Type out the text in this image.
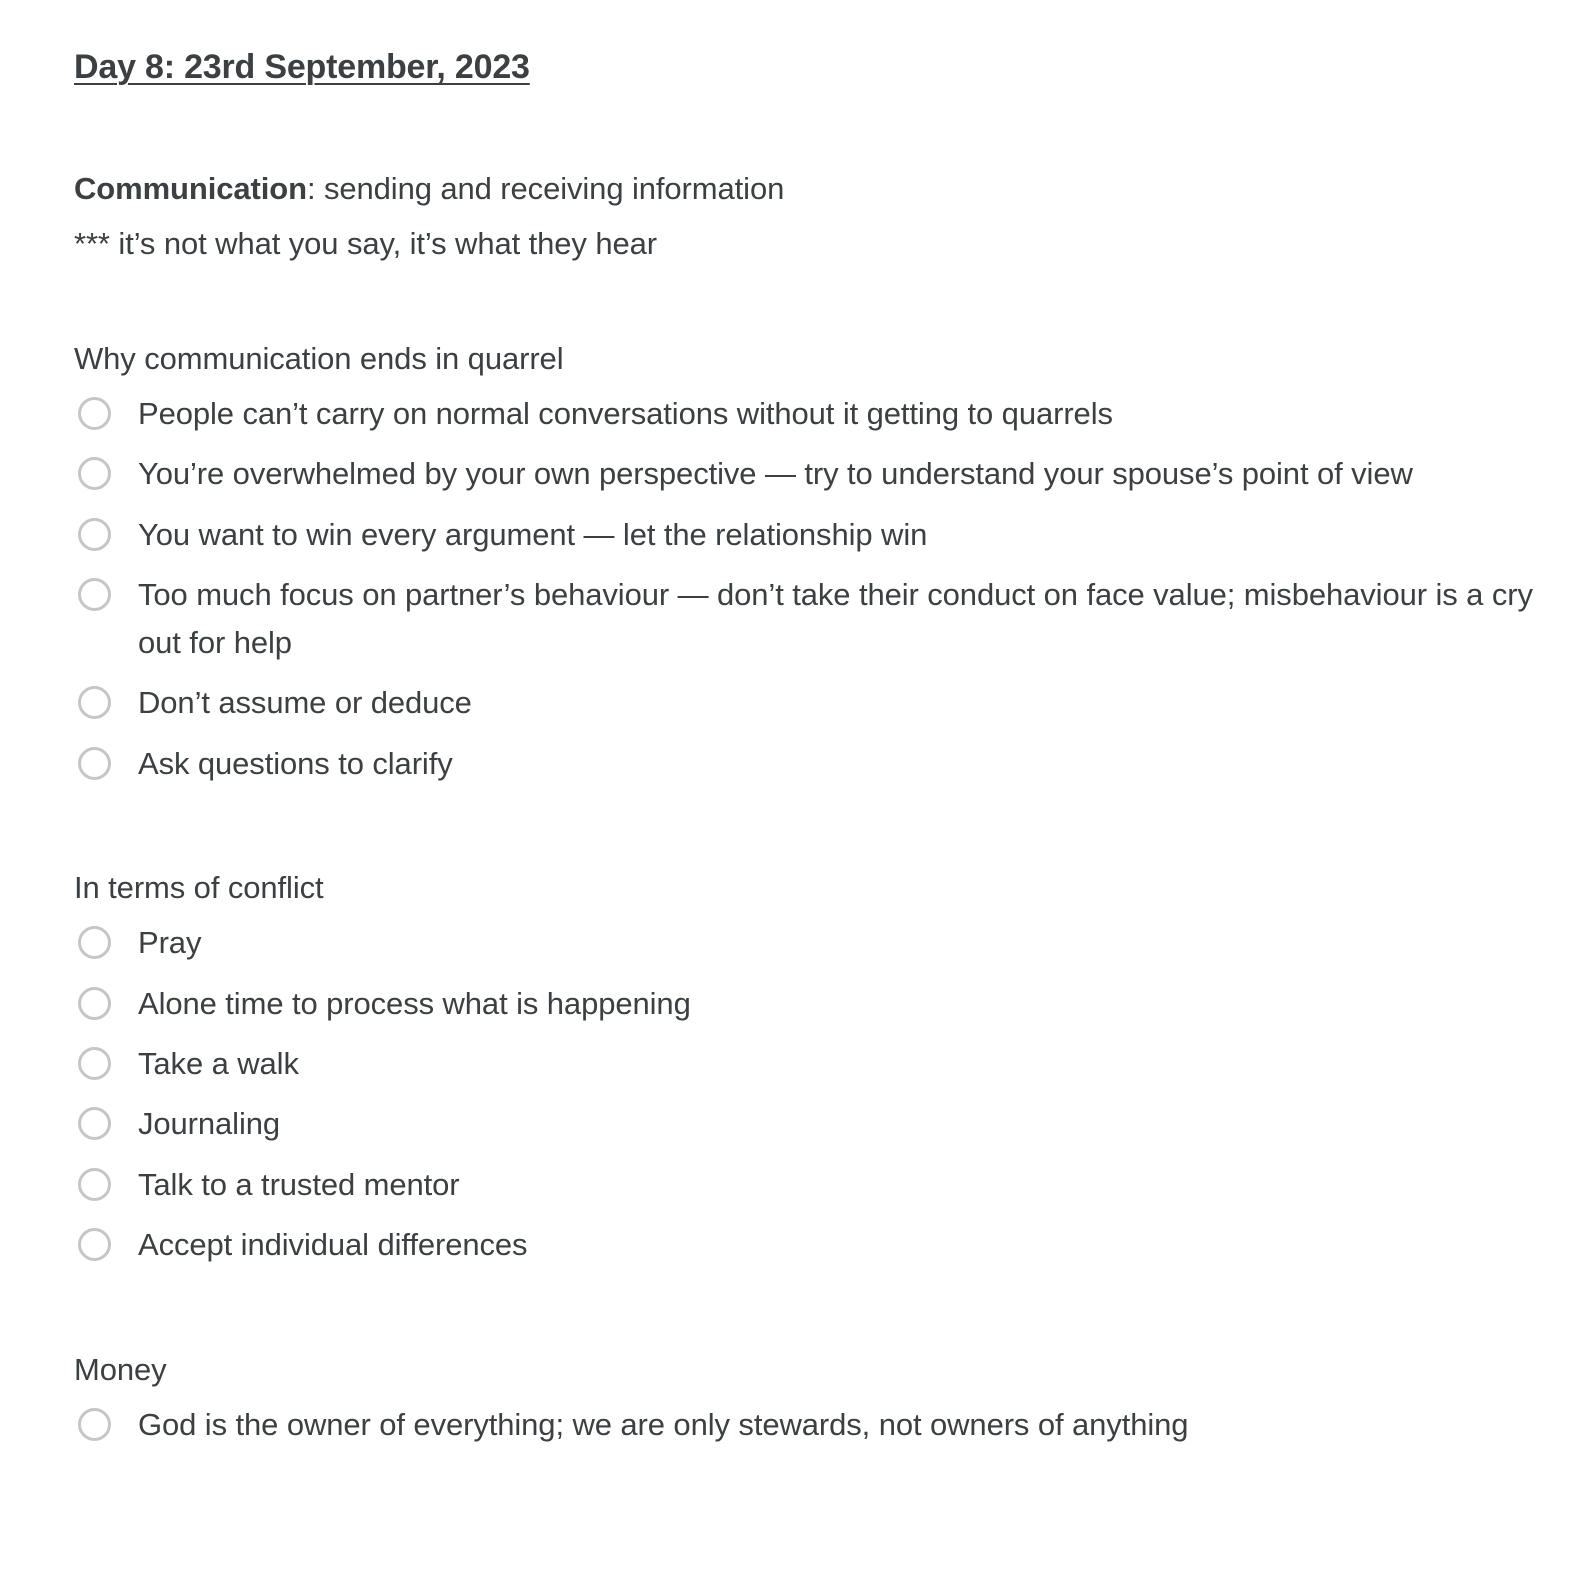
Day 8: 23rd September, 2023

Communication: sending and receiving information

*** it’s not what you say, it’s what they hear

Why communication ends in quarrel

People can’t carry on normal conversations without it getting to quarrels
You’re overwhelmed by your own perspective — try to understand your spouse’s point of view
You want to win every argument — let the relationship win
Too much focus on partner’s behaviour — don’t take their conduct on face value; misbehaviour is a cry out for help
Don’t assume or deduce
Ask questions to clarify

In terms of conflict

Pray
Alone time to process what is happening
Take a walk
Journaling
Talk to a trusted mentor
Accept individual differences

Money

God is the owner of everything; we are only stewards, not owners of anything
